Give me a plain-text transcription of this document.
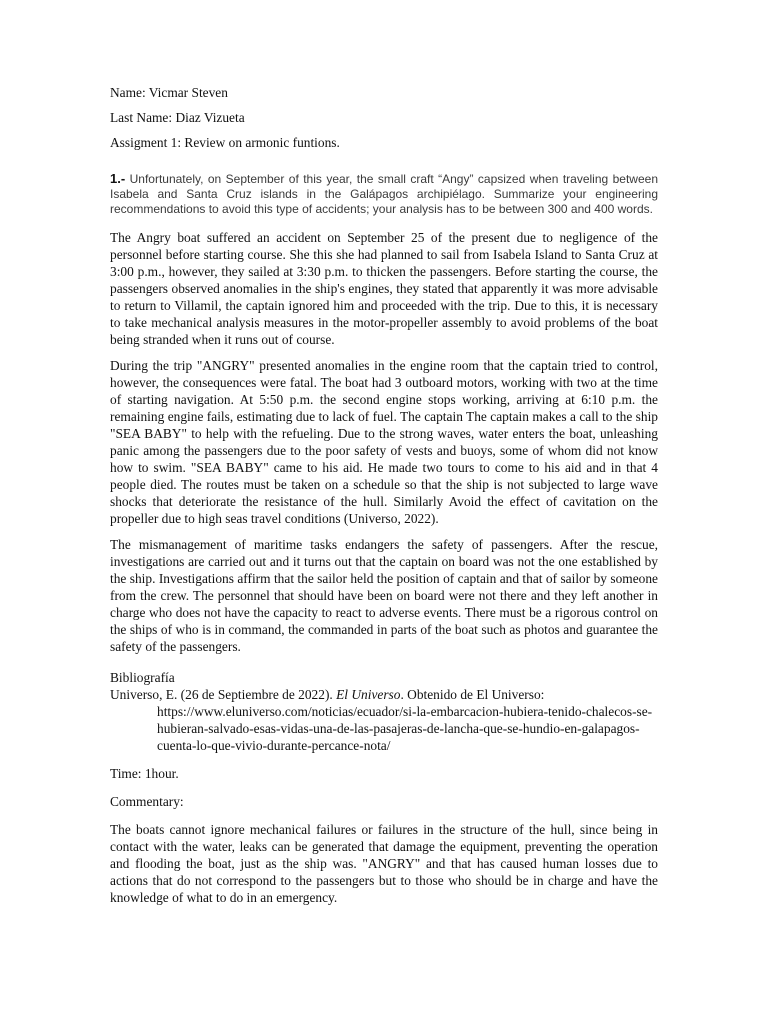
Name: Vicmar Steven

Last Name: Diaz Vizueta

Assigment 1: Review on armonic funtions.

1.- Unfortunately, on September of this year, the small craft “Angy” capsized when traveling between
Isabela and Santa Cruz islands in the Galápagos archipiélago. Summarize your engineering
recommendations to avoid this type of accidents; your analysis has to be between 300 and 400 words.

The Angry boat suffered an accident on September 25 of the present due to negligence of the personnel before starting course. She this she had planned to sail from Isabela Island to Santa Cruz at 3:00 p.m., however, they sailed at 3:30 p.m. to thicken the passengers. Before starting the course, the passengers observed anomalies in the ship's engines, they stated that apparently it was more advisable to return to Villamil, the captain ignored him and proceeded with the trip. Due to this, it is necessary to take mechanical analysis measures in the motor-propeller assembly to avoid problems of the boat being stranded when it runs out of course.

During the trip "ANGRY" presented anomalies in the engine room that the captain tried to control, however, the consequences were fatal. The boat had 3 outboard motors, working with two at the time of starting navigation. At 5:50 p.m. the second engine stops working, arriving at 6:10 p.m. the remaining engine fails, estimating due to lack of fuel. The captain The captain makes a call to the ship "SEA BABY" to help with the refueling. Due to the strong waves, water enters the boat, unleashing panic among the passengers due to the poor safety of vests and buoys, some of whom did not know how to swim. "SEA BABY" came to his aid. He made two tours to come to his aid and in that 4 people died. The routes must be taken on a schedule so that the ship is not subjected to large wave shocks that deteriorate the resistance of the hull. Similarly Avoid the effect of cavitation on the propeller due to high seas travel conditions (Universo, 2022).

The mismanagement of maritime tasks endangers the safety of passengers. After the rescue, investigations are carried out and it turns out that the captain on board was not the one established by the ship. Investigations affirm that the sailor held the position of captain and that of sailor by someone from the crew. The personnel that should have been on board were not there and they left another in charge who does not have the capacity to react to adverse events. There must be a rigorous control on the ships of who is in command, the commanded in parts of the boat such as photos and guarantee the safety of the passengers.

Bibliografía

Universo, E. (26 de Septiembre de 2022). El Universo. Obtenido de El Universo: https://www.eluniverso.com/noticias/ecuador/si-la-embarcacion-hubiera-tenido-chalecos-se-hubieran-salvado-esas-vidas-una-de-las-pasajeras-de-lancha-que-se-hundio-en-galapagos-cuenta-lo-que-vivio-durante-percance-nota/

Time: 1hour.

Commentary:

The boats cannot ignore mechanical failures or failures in the structure of the hull, since being in contact with the water, leaks can be generated that damage the equipment, preventing the operation and flooding the boat, just as the ship was. "ANGRY" and that has caused human losses due to actions that do not correspond to the passengers but to those who should be in charge and have the knowledge of what to do in an emergency.
